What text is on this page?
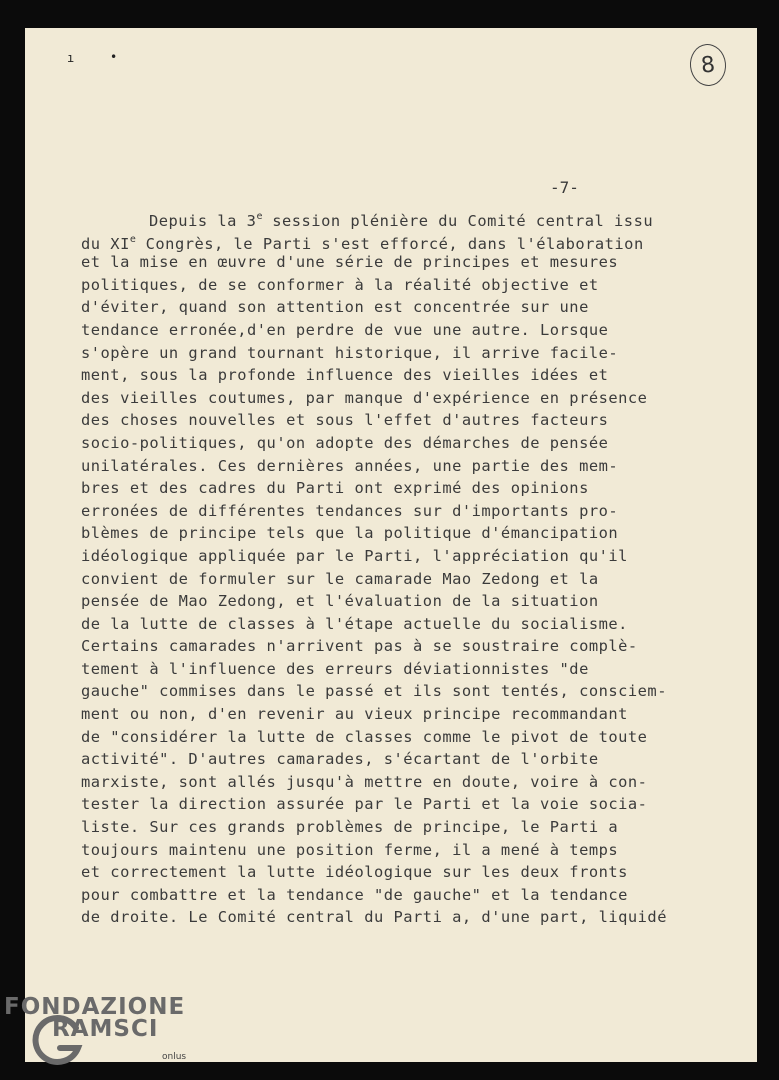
ı	•	8
-7-
Depuis la 3e session plénière du Comité central issu
du XIe Congrès, le Parti s'est efforcé, dans l'élaboration
et la mise en œuvre d'une série de principes et mesures
politiques, de se conformer à la réalité objective et
d'éviter, quand son attention est concentrée sur une
tendance erronée,d'en perdre de vue une autre. Lorsque
s'opère un grand tournant historique, il arrive facile-
ment, sous la profonde influence des vieilles idées et
des vieilles coutumes, par manque d'expérience en présence
des choses nouvelles et sous l'effet d'autres facteurs
socio-politiques, qu'on adopte des démarches de pensée
unilatérales. Ces dernières années, une partie des mem-
bres et des cadres du Parti ont exprimé des opinions
erronées de différentes tendances sur d'importants pro-
blèmes de principe tels que la politique d'émancipation
idéologique appliquée par le Parti, l'appréciation qu'il
convient de formuler sur le camarade Mao Zedong et la
pensée de Mao Zedong, et l'évaluation de la situation
de la lutte de classes à l'étape actuelle du socialisme.
Certains camarades n'arrivent pas à se soustraire complè-
tement à l'influence des erreurs déviationnistes "de
gauche" commises dans le passé et ils sont tentés, consciem-
ment ou non, d'en revenir au vieux principe recommandant
de "considérer la lutte de classes comme le pivot de toute
activité". D'autres camarades, s'écartant de l'orbite
marxiste, sont allés jusqu'à mettre en doute, voire à con-
tester la direction assurée par le Parti et la voie socia-
liste. Sur ces grands problèmes de principe, le Parti a
toujours maintenu une position ferme, il a mené à temps
et correctement la lutte idéologique sur les deux fronts
pour combattre et la tendance "de gauche" et la tendance
de droite. Le Comité central du Parti a, d'une part, liquidé
FONDAZIONE
RAMSCI
onlus
